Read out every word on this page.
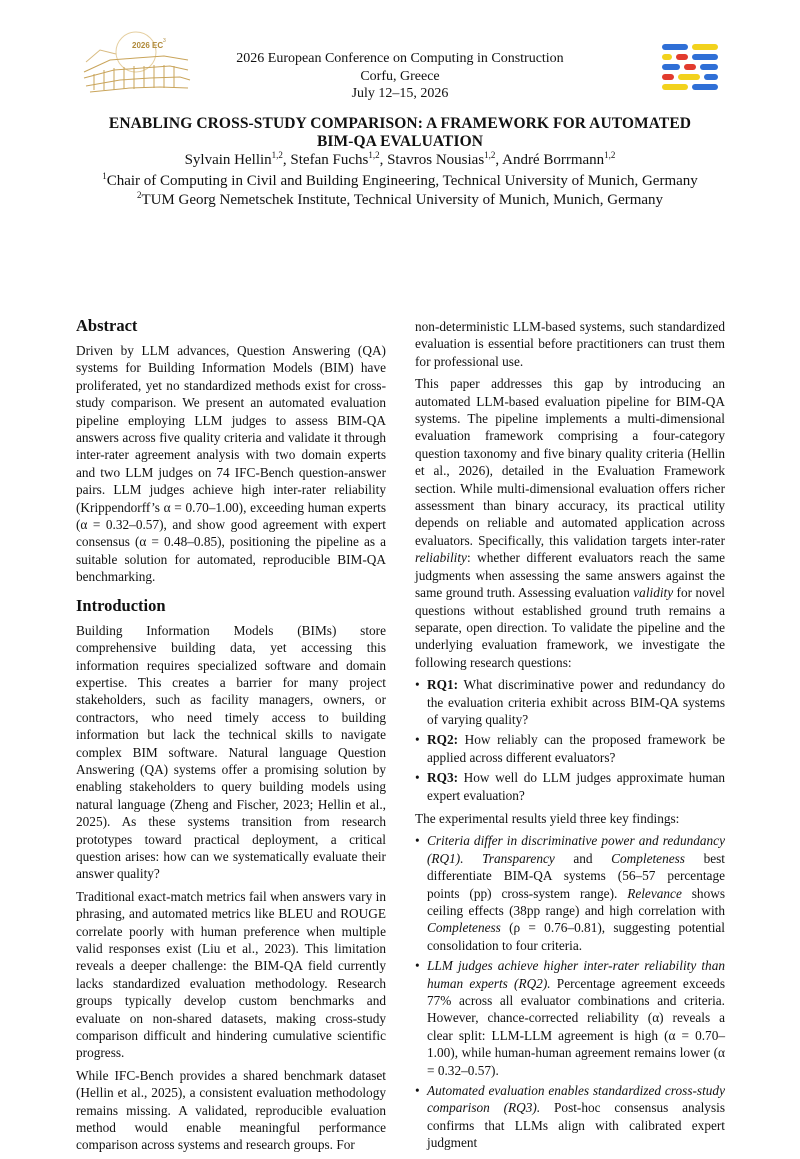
2026 EC 3
2026 European Conference on Computing in Construction
Corfu, Greece
July 12–15, 2026
ENABLING CROSS-STUDY COMPARISON: A FRAMEWORK FOR AUTOMATED
BIM-QA EVALUATION
Sylvain Hellin$^{1,2}$, Stefan Fuchs$^{1,2}$, Stavros Nousias$^{1,2}$, André Borrmann$^{1,2}$
$^1$Chair of Computing in Civil and Building Engineering, Technical University of Munich, Germany
$^2$TUM Georg Nemetschek Institute, Technical University of Munich, Munich, Germany
Abstract

Driven by LLM advances, Question Answering (QA) systems for Building Information Models (BIM) have proliferated, yet no standardized methods exist for cross-study comparison. We present an automated evaluation pipeline employing LLM judges to assess BIM-QA answers across five quality criteria and validate it through inter-rater agreement analysis with two domain experts and two LLM judges on 74 IFC-Bench question-answer pairs. LLM judges achieve high inter-rater reliability (Krippendorff’s α = 0.70–1.00), exceeding human experts (α = 0.32–0.57), and show good agreement with expert consensus (α = 0.48–0.85), positioning the pipeline as a suitable solution for automated, reproducible BIM-QA benchmarking.

Introduction

Building Information Models (BIMs) store comprehensive building data, yet accessing this information requires specialized software and domain expertise. This creates a barrier for many project stakeholders, such as facility managers, owners, or contractors, who need timely access to building information but lack the technical skills to navigate complex BIM software. Natural language Question Answering (QA) systems offer a promising solution by enabling stakeholders to query building models using natural language (Zheng and Fischer, 2023; Hellin et al., 2025). As these systems transition from research prototypes toward practical deployment, a critical question arises: how can we systematically evaluate their answer quality?

Traditional exact-match metrics fail when answers vary in phrasing, and automated metrics like BLEU and ROUGE correlate poorly with human preference when multiple valid responses exist (Liu et al., 2023). This limitation reveals a deeper challenge: the BIM-QA field currently lacks standardized evaluation methodology. Research groups typically develop custom benchmarks and evaluate on non-shared datasets, making cross-study comparison difficult and hindering cumulative scientific progress.

While IFC-Bench provides a shared benchmark dataset (Hellin et al., 2025), a consistent evaluation methodology remains missing. A validated, reproducible evaluation method would enable meaningful performance comparison across systems and research groups. For

non-deterministic LLM-based systems, such standardized evaluation is essential before practitioners can trust them for professional use.

This paper addresses this gap by introducing an automated LLM-based evaluation pipeline for BIM-QA systems. The pipeline implements a multi-dimensional evaluation framework comprising a four-category question taxonomy and five binary quality criteria (Hellin et al., 2026), detailed in the Evaluation Framework section. While multi-dimensional evaluation offers richer assessment than binary accuracy, its practical utility depends on reliable and automated application across evaluators. Specifically, this validation targets inter-rater reliability: whether different evaluators reach the same judgments when assessing the same answers against the same ground truth. Assessing evaluation validity for novel questions without established ground truth remains a separate, open direction. To validate the pipeline and the underlying evaluation framework, we investigate the following research questions:

• RQ1: What discriminative power and redundancy do the evaluation criteria exhibit across BIM-QA systems of varying quality?
• RQ2: How reliably can the proposed framework be applied across different evaluators?
• RQ3: How well do LLM judges approximate human expert evaluation?

The experimental results yield three key findings:

• Criteria differ in discriminative power and redundancy (RQ1). Transparency and Completeness best differentiate BIM-QA systems (56–57 percentage points (pp) cross-system range). Relevance shows ceiling effects (38pp range) and high correlation with Completeness (ρ = 0.76–0.81), suggesting potential consolidation to four criteria.
• LLM judges achieve higher inter-rater reliability than human experts (RQ2). Percentage agreement exceeds 77% across all evaluator combinations and criteria. However, chance-corrected reliability (α) reveals a clear split: LLM-LLM agreement is high (α = 0.70–1.00), while human-human agreement remains lower (α = 0.32–0.57).
• Automated evaluation enables standardized cross-study comparison (RQ3). Post-hoc consensus analysis confirms that LLMs align with calibrated expert judgment
